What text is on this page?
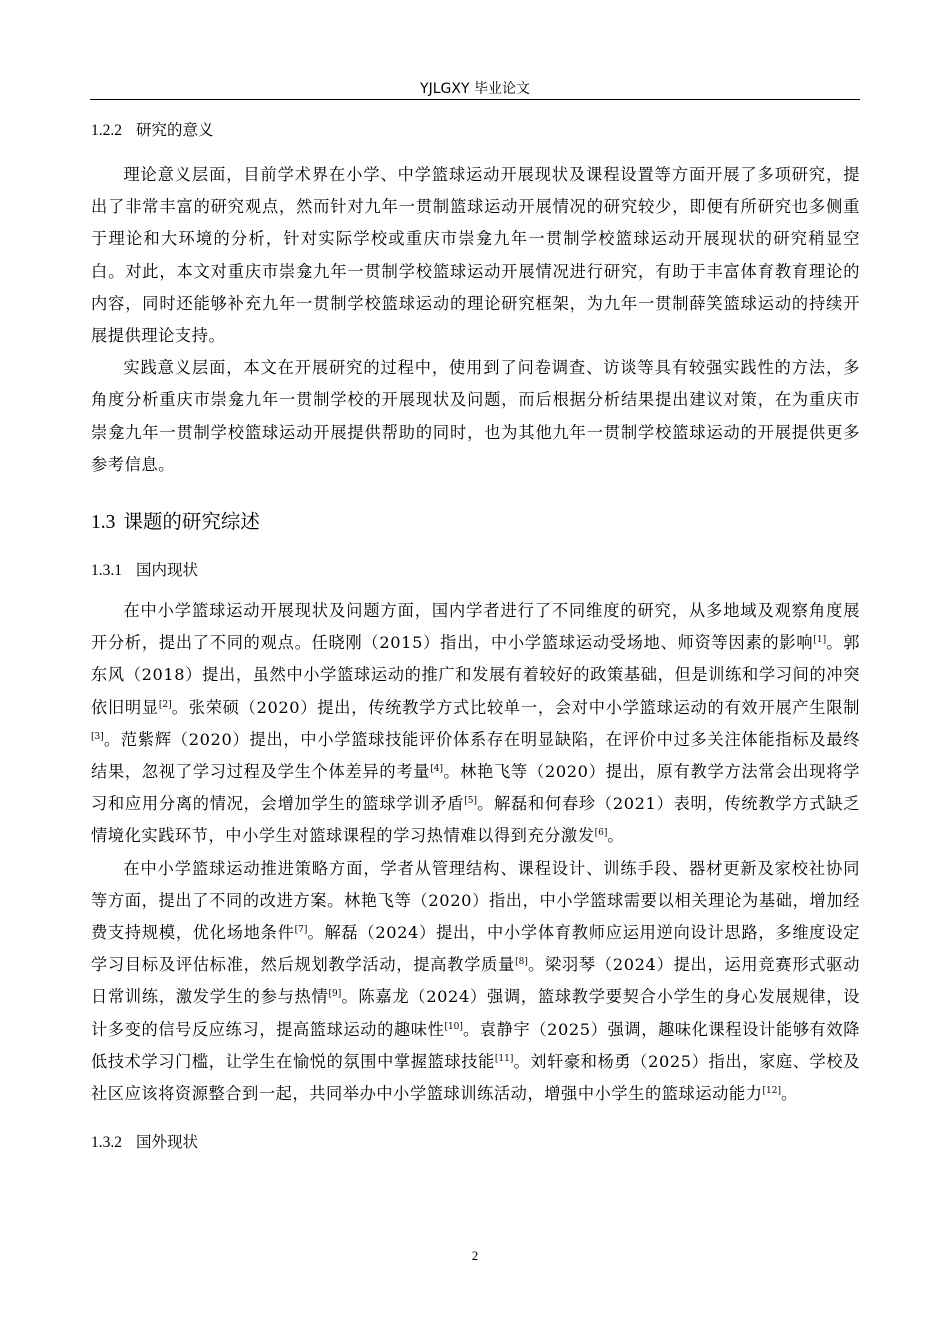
YJLGXY 毕业论文
1.2.2 研究的意义

理论意义层面，目前学术界在小学、中学篮球运动开展现状及课程设置等方面开展了多项研究，提出了非常丰富的研究观点，然而针对九年一贯制篮球运动开展情况的研究较少，即便有所研究也多侧重于理论和大环境的分析，针对实际学校或重庆市崇龛九年一贯制学校篮球运动开展现状的研究稍显空白。对此，本文对重庆市崇龛九年一贯制学校篮球运动开展情况进行研究，有助于丰富体育教育理论的内容，同时还能够补充九年一贯制学校篮球运动的理论研究框架，为九年一贯制薛笑篮球运动的持续开展提供理论支持。

实践意义层面，本文在开展研究的过程中，使用到了问卷调查、访谈等具有较强实践性的方法，多角度分析重庆市崇龛九年一贯制学校的开展现状及问题，而后根据分析结果提出建议对策，在为重庆市崇龛九年一贯制学校篮球运动开展提供帮助的同时，也为其他九年一贯制学校篮球运动的开展提供更多参考信息。

1.3 课题的研究综述
1.3.1 国内现状

在中小学篮球运动开展现状及问题方面，国内学者进行了不同维度的研究，从多地域及观察角度展开分析，提出了不同的观点。任晓刚（2015）指出，中小学篮球运动受场地、师资等因素的影响[1]。郭东风（2018）提出，虽然中小学篮球运动的推广和发展有着较好的政策基础，但是训练和学习间的冲突依旧明显[2]。张荣硕（2020）提出，传统教学方式比较单一，会对中小学篮球运动的有效开展产生限制[3]。范紫辉（2020）提出，中小学篮球技能评价体系存在明显缺陷，在评价中过多关注体能指标及最终结果，忽视了学习过程及学生个体差异的考量[4]。林艳飞等（2020）提出，原有教学方法常会出现将学习和应用分离的情况，会增加学生的篮球学训矛盾[5]。解磊和何春珍（2021）表明，传统教学方式缺乏情境化实践环节，中小学生对篮球课程的学习热情难以得到充分激发[6]。

在中小学篮球运动推进策略方面，学者从管理结构、课程设计、训练手段、器材更新及家校社协同等方面，提出了不同的改进方案。林艳飞等（2020）指出，中小学篮球需要以相关理论为基础，增加经费支持规模，优化场地条件[7]。解磊（2024）提出，中小学体育教师应运用逆向设计思路，多维度设定学习目标及评估标准，然后规划教学活动，提高教学质量[8]。梁羽琴（2024）提出，运用竞赛形式驱动日常训练，激发学生的参与热情[9]。陈嘉龙（2024）强调，篮球教学要契合小学生的身心发展规律，设计多变的信号反应练习，提高篮球运动的趣味性[10]。袁静宇（2025）强调，趣味化课程设计能够有效降低技术学习门槛，让学生在愉悦的氛围中掌握篮球技能[11]。刘轩豪和杨勇（2025）指出，家庭、学校及社区应该将资源整合到一起，共同举办中小学篮球训练活动，增强中小学生的篮球运动能力[12]。

1.3.2 国外现状
2
